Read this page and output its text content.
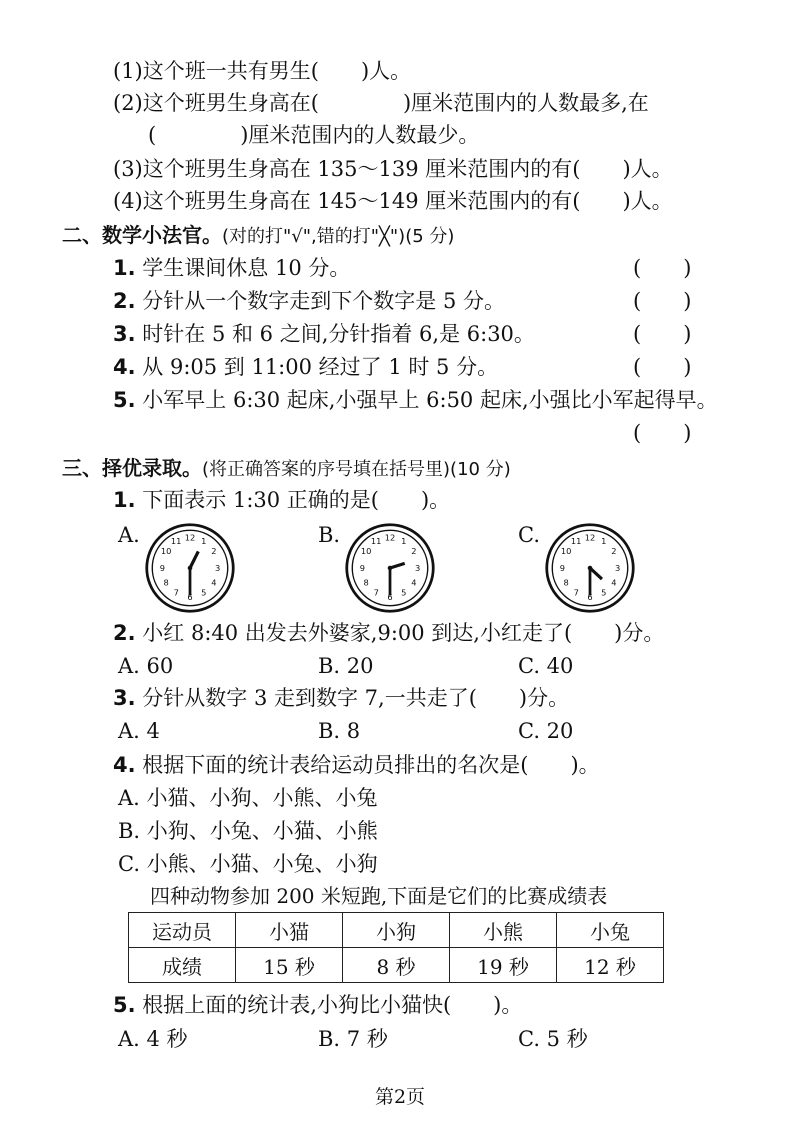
(1)这个班一共有男生(　　)人。
(2)这个班男生身高在(　　　　)厘米范围内的人数最多,在
(　　　　)厘米范围内的人数最少。
(3)这个班男生身高在 135～139 厘米范围内的有(　　)人。
(4)这个班男生身高在 145～149 厘米范围内的有(　　)人。
二、数学小法官。(对的打"√",错的打"╳")(5 分)
1. 学生课间休息 10 分。	(　　)
2. 分针从一个数字走到下个数字是 5 分。	(　　)
3. 时针在 5 和 6 之间,分针指着 6,是 6:30。	(　　)
4. 从 9:05 到 11:00 经过了 1 时 5 分。	(　　)
5. 小军早上 6:30 起床,小强早上 6:50 起床,小强比小军起得早。
(　　)
三、择优录取。(将正确答案的序号填在括号里)(10 分)
1. 下面表示 1:30 正确的是(　　)。
A.	B.	C.
12 1
2
3
4
5
6
7
8
9
10
11	12 1
2
3
4
5
6
7
8
9
10
11	12 1
2
3
4
5
6
7
8
9
10
11
2. 小红 8:40 出发去外婆家,9:00 到达,小红走了(　　)分。
A. 60	B. 20	C. 40
3. 分针从数字 3 走到数字 7,一共走了(　　)分。
A. 4	B. 8	C. 20
4. 根据下面的统计表给运动员排出的名次是(　　)。
A. 小猫、小狗、小熊、小兔
B. 小狗、小兔、小猫、小熊
C. 小熊、小猫、小兔、小狗
四种动物参加 200 米短跑,下面是它们的比赛成绩表
运动员	小猫	小狗	小熊	小兔
成绩	15 秒	8 秒	19 秒	12 秒
5. 根据上面的统计表,小狗比小猫快(　　)。
A. 4 秒	B. 7 秒	C. 5 秒
第2页
